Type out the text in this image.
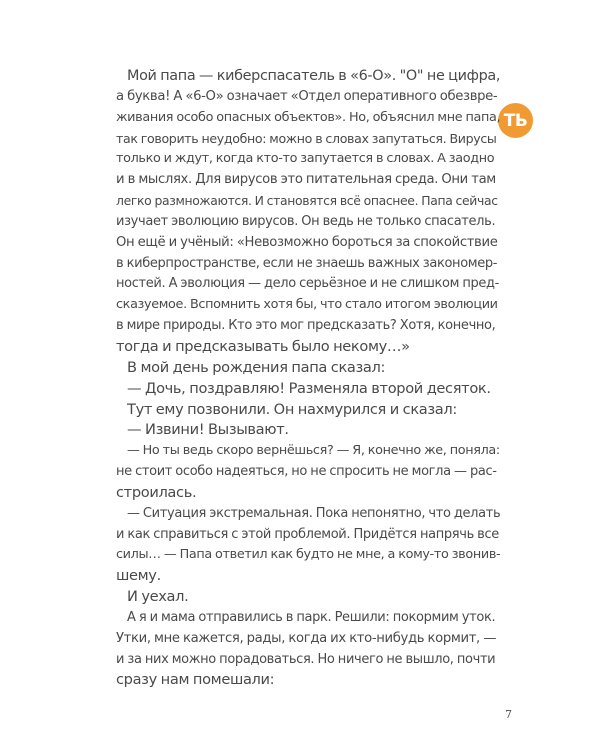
ТЬ
Мой папа — киберспасатель в «6-О». "О" не цифра,
а буква! А «6-О» означает «Отдел оперативного обезвре-
живания особо опасных объектов». Но, объяснил мне папа,
так говорить неудобно: можно в словах запутаться. Вирусы
только и ждут, когда кто-то запутается в словах. А заодно
и в мыслях. Для вирусов это питательная среда. Они там
легко размножаются. И становятся всё опаснее. Папа сейчас
изучает эволюцию вирусов. Он ведь не только спасатель.
Он ещё и учёный: «Невозможно бороться за спокойствие
в киберпространстве, если не знаешь важных закономер-
ностей. А эволюция — дело серьёзное и не слишком пред-
сказуемое. Вспомнить хотя бы, что стало итогом эволюции
в мире природы. Кто это мог предсказать? Хотя, конечно,
тогда и предсказывать было некому…»
В мой день рождения папа сказал:
— Дочь, поздравляю! Разменяла второй десяток.
Тут ему позвонили. Он нахмурился и сказал:
— Извини! Вызывают.
— Но ты ведь скоро вернёшься? — Я, конечно же, поняла:
не стоит особо надеяться, но не спросить не могла — рас-
строилась.
— Ситуация экстремальная. Пока непонятно, что делать
и как справиться с этой проблемой. Придётся напрячь все
силы… — Папа ответил как будто не мне, а кому-то звонив-
шему.
И уехал.
А я и мама отправились в парк. Решили: покормим уток.
Утки, мне кажется, рады, когда их кто-нибудь кормит, —
и за них можно порадоваться. Но ничего не вышло, почти
сразу нам помешали:
7
